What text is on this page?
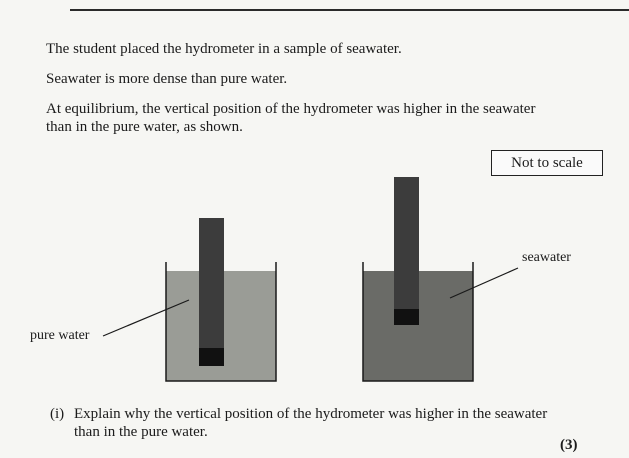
The student placed the hydrometer in a sample of seawater.
Seawater is more dense than pure water.
At equilibrium, the vertical position of the hydrometer was higher in the seawater
than in the pure water, as shown.
Not to scale
pure water
seawater
(i) Explain why the vertical position of the hydrometer was higher in the seawater
than in the pure water.
(3)
